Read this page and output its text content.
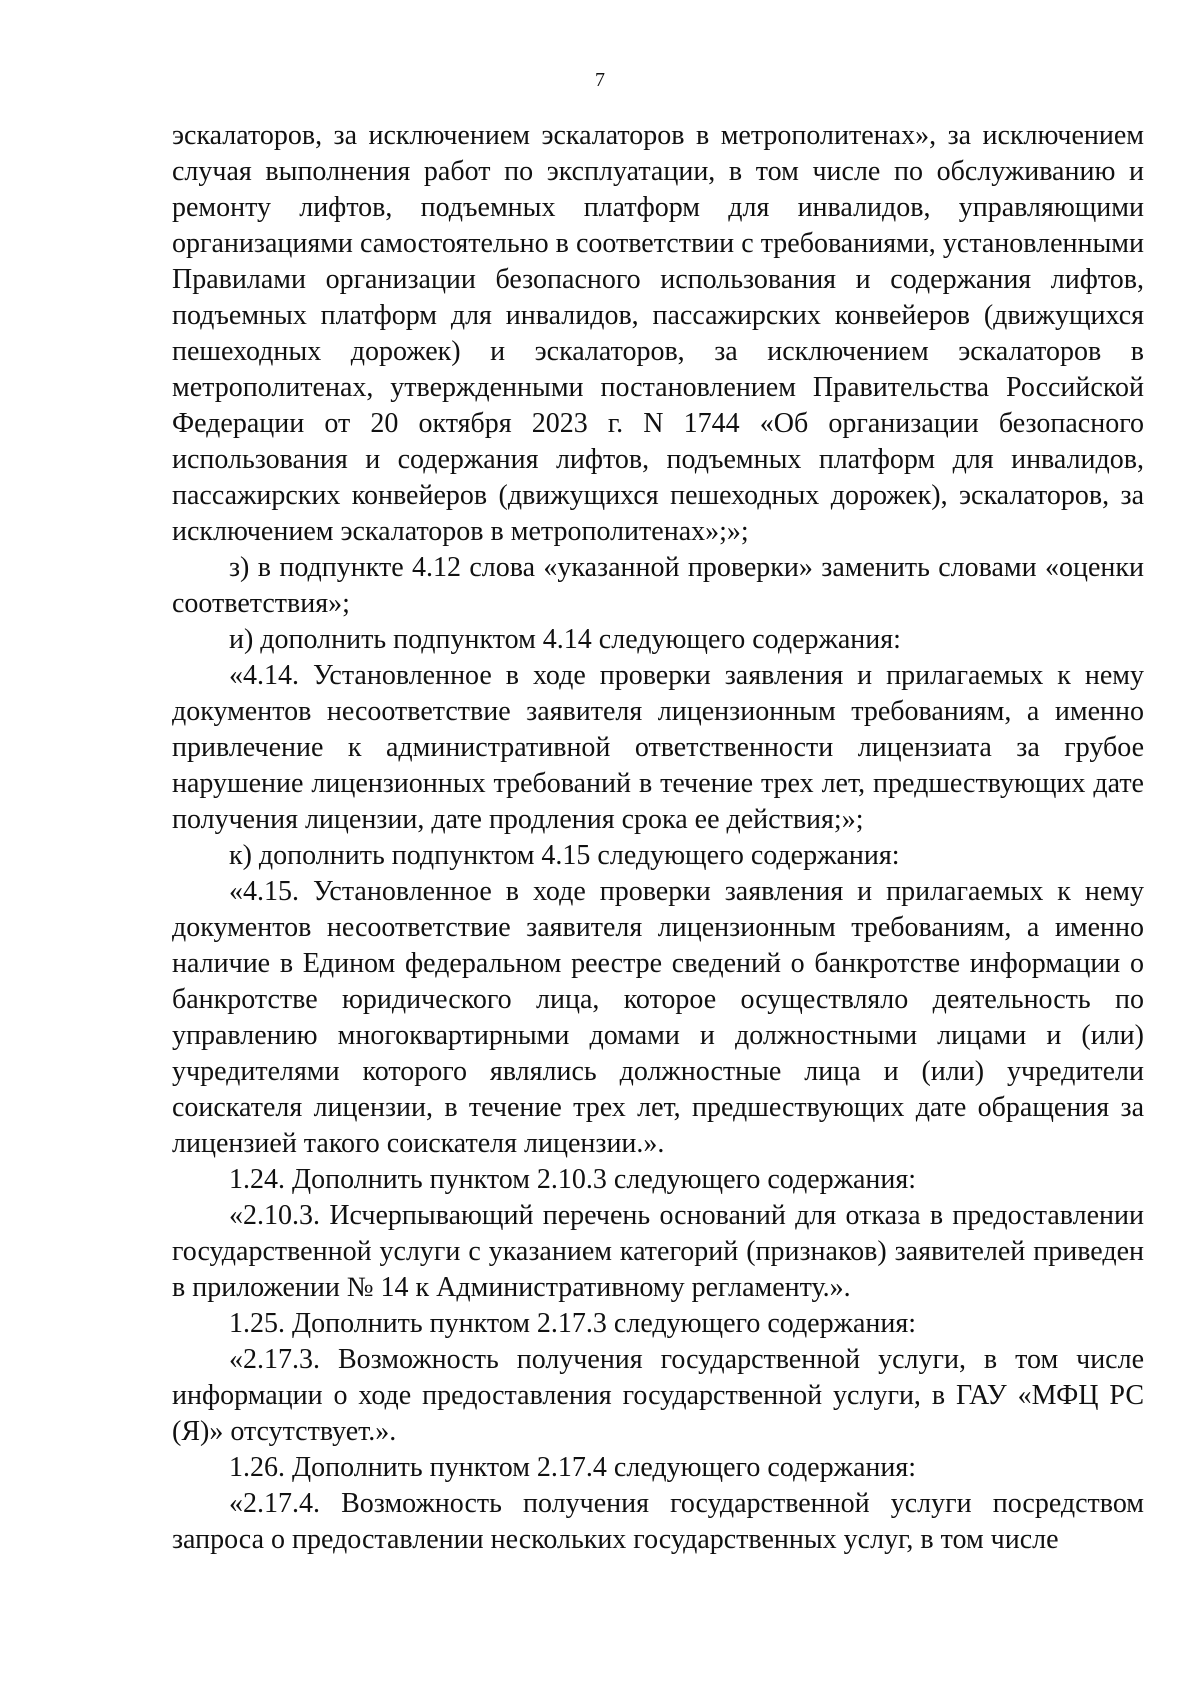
7

эскалаторов, за исключением эскалаторов в метрополитенах», за исключением случая выполнения работ по эксплуатации, в том числе по обслуживанию и ремонту лифтов, подъемных платформ для инвалидов, управляющими организациями самостоятельно в соответствии с требованиями, установленными Правилами организации безопасного использования и содержания лифтов, подъемных платформ для инвалидов, пассажирских конвейеров (движущихся пешеходных дорожек) и эскалаторов, за исключением эскалаторов в метрополитенах, утвержденными постановлением Правительства Российской Федерации от 20 октября 2023 г. N 1744 «Об организации безопасного использования и содержания лифтов, подъемных платформ для инвалидов, пассажирских конвейеров (движущихся пешеходных дорожек), эскалаторов, за исключением эскалаторов в метрополитенах»;»;

з) в подпункте 4.12 слова «указанной проверки» заменить словами «оценки соответствия»;

и) дополнить подпунктом 4.14 следующего содержания:

«4.14. Установленное в ходе проверки заявления и прилагаемых к нему документов несоответствие заявителя лицензионным требованиям, а именно привлечение к административной ответственности лицензиата за грубое нарушение лицензионных требований в течение трех лет, предшествующих дате получения лицензии, дате продления срока ее действия;»;

к) дополнить подпунктом 4.15 следующего содержания:

«4.15. Установленное в ходе проверки заявления и прилагаемых к нему документов несоответствие заявителя лицензионным требованиям, а именно наличие в Едином федеральном реестре сведений о банкротстве информации о банкротстве юридического лица, которое осуществляло деятельность по управлению многоквартирными домами и должностными лицами и (или) учредителями которого являлись должностные лица и (или) учредители соискателя лицензии, в течение трех лет, предшествующих дате обращения за лицензией такого соискателя лицензии.».

1.24. Дополнить пунктом 2.10.3 следующего содержания:

«2.10.3. Исчерпывающий перечень оснований для отказа в предоставлении государственной услуги с указанием категорий (признаков) заявителей приведен в приложении № 14 к Административному регламенту.».

1.25. Дополнить пунктом 2.17.3 следующего содержания:

«2.17.3. Возможность получения государственной услуги, в том числе информации о ходе предоставления государственной услуги, в ГАУ «МФЦ РС (Я)» отсутствует.».

1.26. Дополнить пунктом 2.17.4 следующего содержания:

«2.17.4. Возможность получения государственной услуги посредством запроса о предоставлении нескольких государственных услуг, в том числе
